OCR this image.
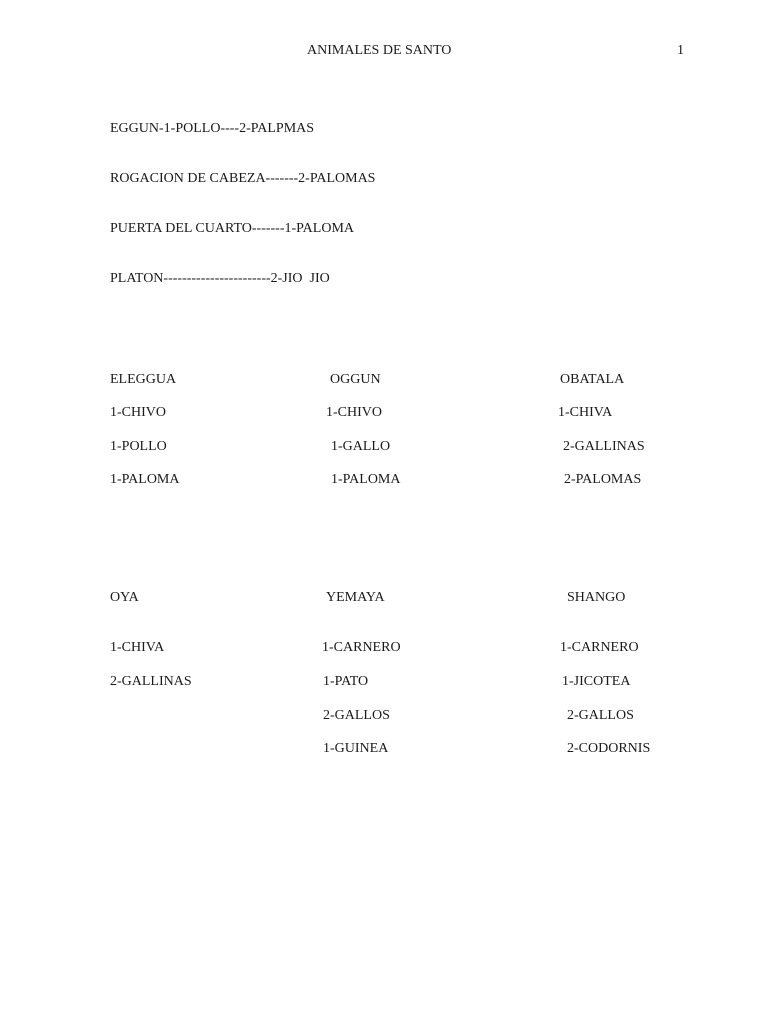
ANIMALES DE SANTO	1
EGGUN-1-POLLO----2-PALPMAS
ROGACION DE CABEZA-------2-PALOMAS
PUERTA DEL CUARTO-------1-PALOMA
PLATON-----------------------2-JIO  JIO
ELEGGUA
1-CHIVO
1-POLLO
1-PALOMA
OGGUN
1-CHIVO
1-GALLO
1-PALOMA
OBATALA
1-CHIVA
2-GALLINAS
2-PALOMAS
OYA
1-CHIVA
2-GALLINAS
YEMAYA
1-CARNERO
1-PATO
2-GALLOS
1-GUINEA
SHANGO
1-CARNERO
1-JICOTEA
2-GALLOS
2-CODORNIS
